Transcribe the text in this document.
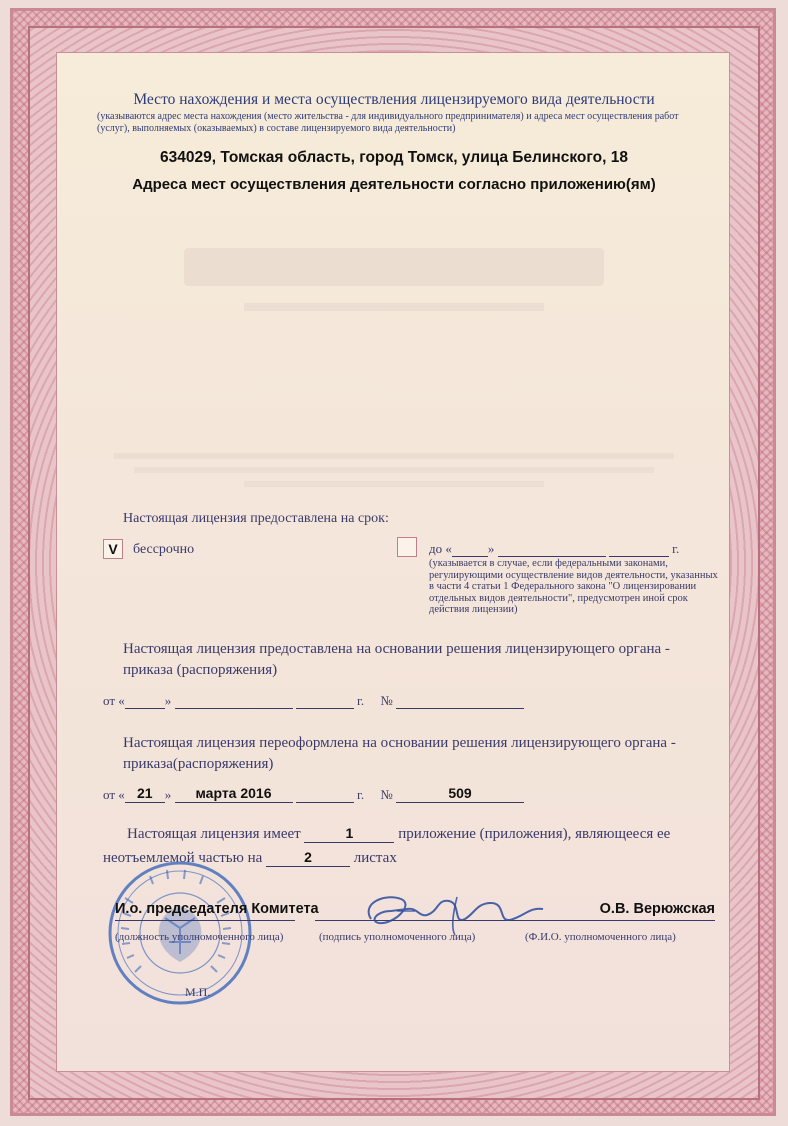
Место нахождения и места осуществления лицензируемого вида деятельности
(указываются адрес места нахождения (место жительства - для индивидуального предпринимателя) и адреса мест осуществления работ (услуг), выполняемых (оказываемых) в составе лицензируемого вида деятельности)
634029, Томская область, город Томск, улица Белинского, 18
Адреса мест осуществления деятельности согласно приложению(ям)
Настоящая лицензия предоставлена на срок:
V	бессрочно	до «	»	г.
(указывается в случае, если федеральными законами, регулирующими осуществление видов деятельности, указанных в части 4 статьи 1 Федерального закона "О лицензировании отдельных видов деятельности", предусмотрен иной срок действия лицензии)
Настоящая лицензия предоставлена на основании решения лицензирующего органа - приказа (распоряжения)
от «	»	г. №
Настоящая лицензия переоформлена на основании решения лицензирующего органа - приказа(распоряжения)
от « 21 »	марта 2016	г. №	509
Настоящая лицензия имеет	1	приложение (приложения), являющееся ее
неотъемлемой частью на	2	листах
М.П.
И.о. председателя Комитета	О.В. Верюжская
(должность уполномоченного лица)	(подпись уполномоченного лица)	(Ф.И.О. уполномоченного лица)
